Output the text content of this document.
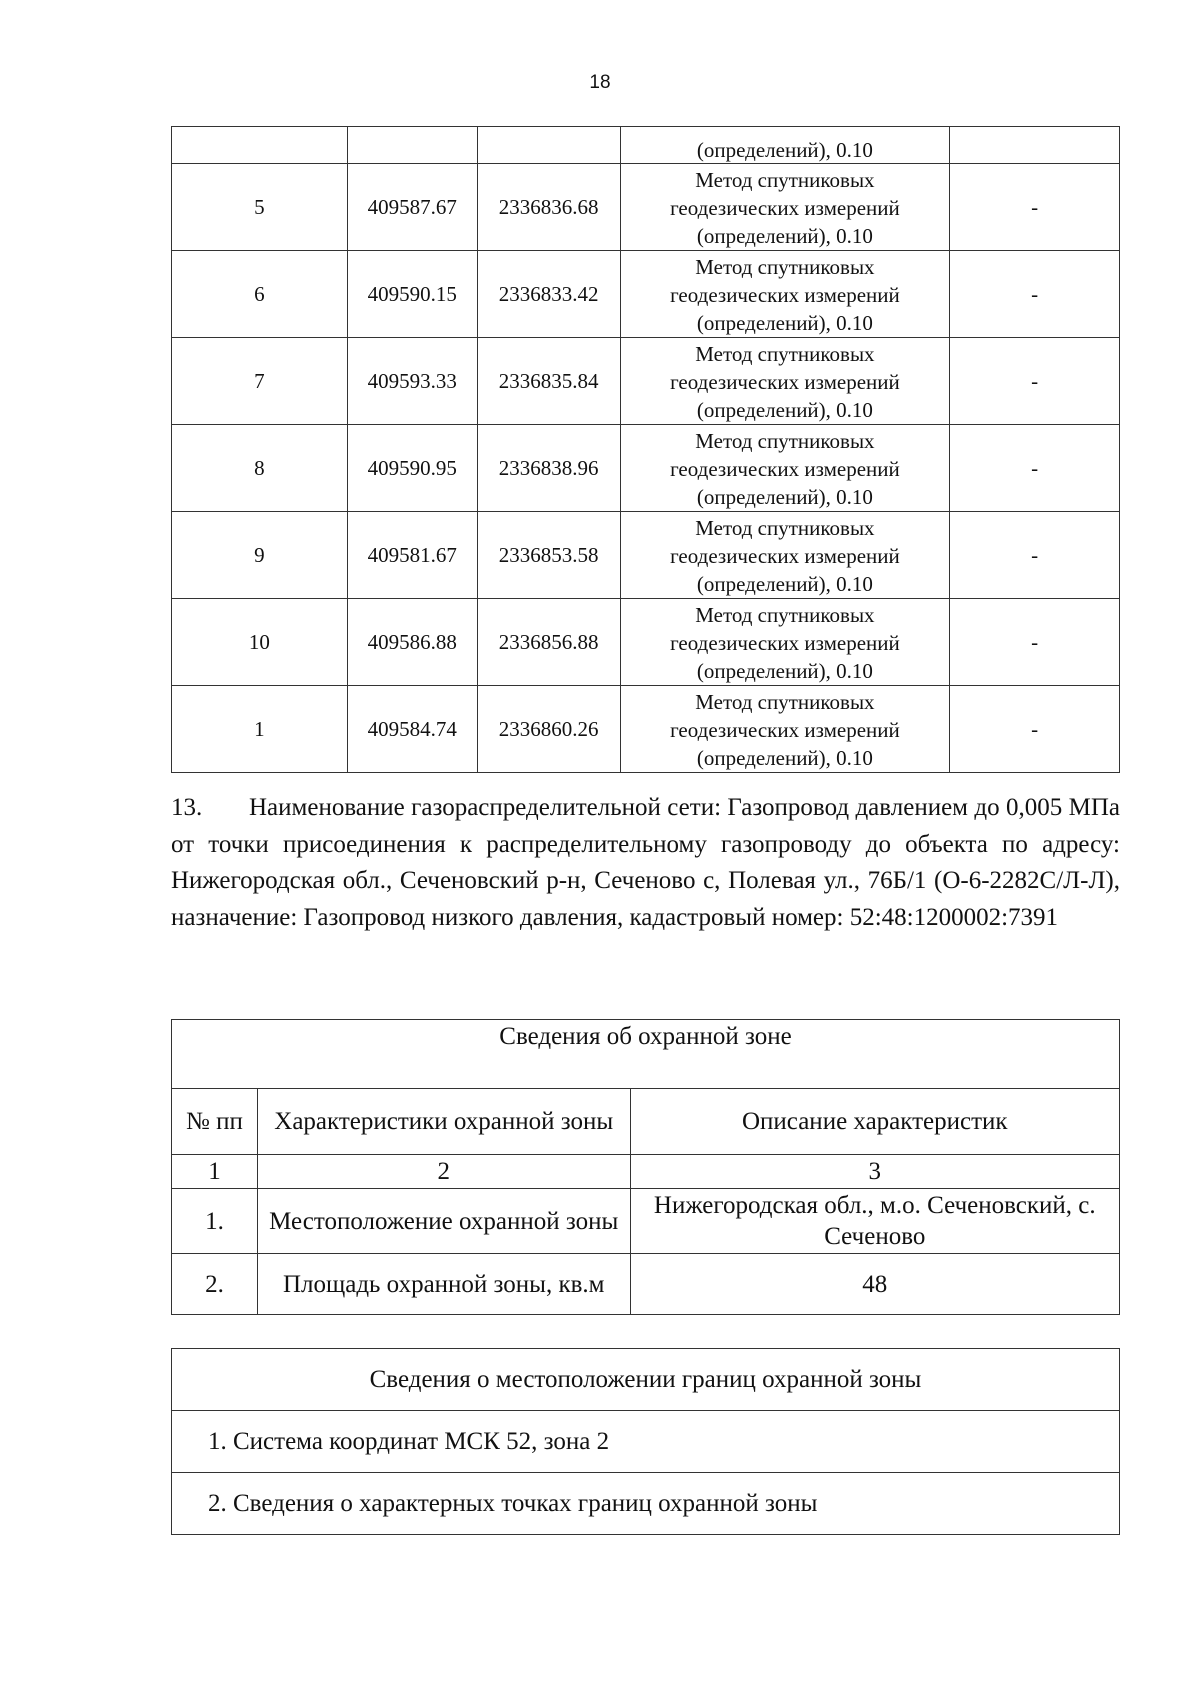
18
			(определений), 0.10	
5	409587.67	2336836.68	Метод спутниковых
геодезических измерений
(определений), 0.10	-
6	409590.15	2336833.42	Метод спутниковых
геодезических измерений
(определений), 0.10	-
7	409593.33	2336835.84	Метод спутниковых
геодезических измерений
(определений), 0.10	-
8	409590.95	2336838.96	Метод спутниковых
геодезических измерений
(определений), 0.10	-
9	409581.67	2336853.58	Метод спутниковых
геодезических измерений
(определений), 0.10	-
10	409586.88	2336856.88	Метод спутниковых
геодезических измерений
(определений), 0.10	-
1	409584.74	2336860.26	Метод спутниковых
геодезических измерений
(определений), 0.10	-
13. Наименование газораспределительной сети: Газопровод давлением до 0,005 МПа от точки присоединения к распределительному газопроводу до объекта по адресу: Нижегородская обл., Сеченовский р-н, Сеченово с, Полевая ул., 76Б/1 (О-6-2282С/Л-Л), назначение: Газопровод низкого давления, кадастровый номер: 52:48:1200002:7391
Сведения об охранной зоне		
№ пп	Характеристики охранной зоны	Описание характеристик
1	2	3
1.	Местоположение охранной зоны	Нижегородская обл., м.о. Сеченовский, с. Сеченово
2.	Площадь охранной зоны, кв.м	48
Сведения о местоположении границ охранной зоны
1. Система координат МСК 52, зона 2
2. Сведения о характерных точках границ охранной зоны
